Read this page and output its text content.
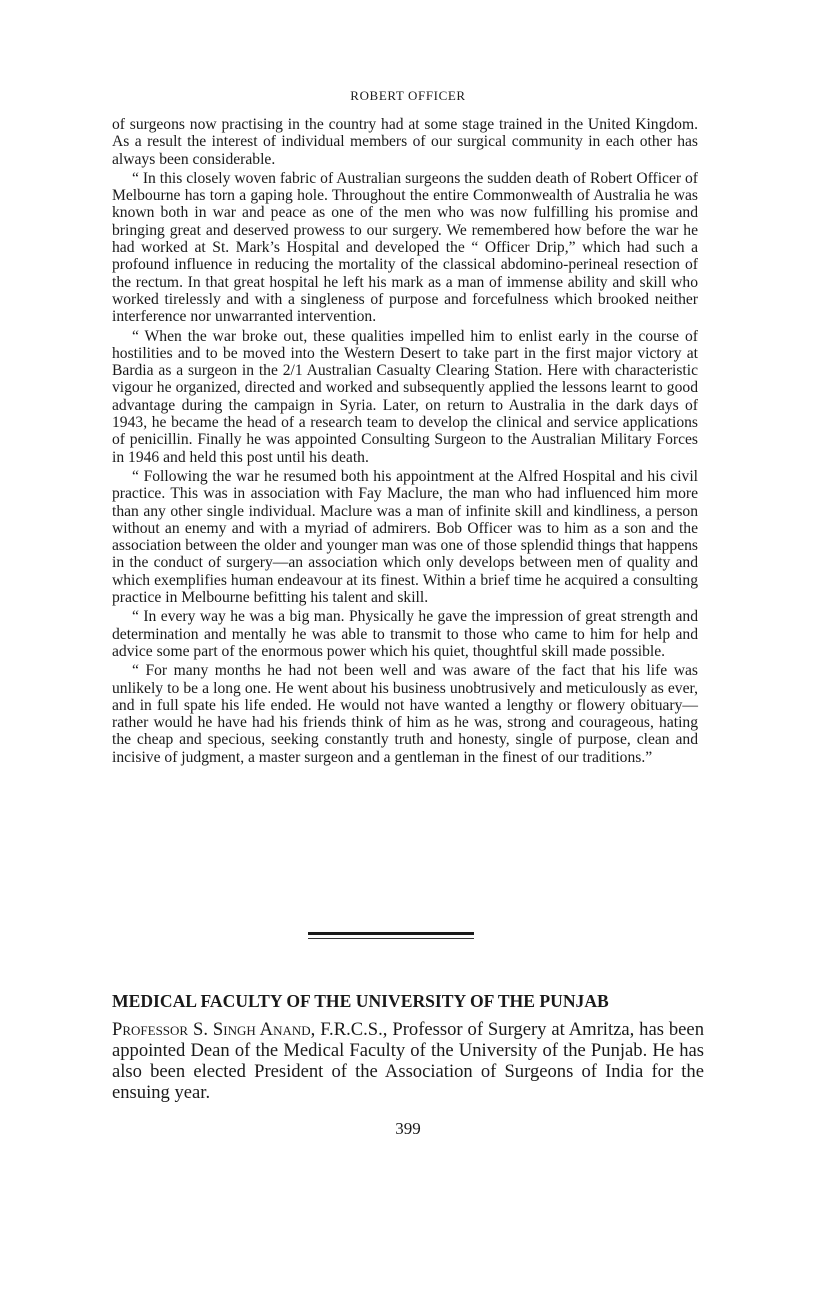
ROBERT OFFICER

of surgeons now practising in the country had at some stage trained in the United Kingdom. As a result the interest of individual members of our surgical community in each other has always been considerable.

“ In this closely woven fabric of Australian surgeons the sudden death of Robert Officer of Melbourne has torn a gaping hole. Throughout the entire Commonwealth of Australia he was known both in war and peace as one of the men who was now fulfilling his promise and bringing great and deserved prowess to our surgery. We remembered how before the war he had worked at St. Mark’s Hospital and developed the “ Officer Drip,” which had such a profound influence in reducing the mortality of the classical abdomino-perineal resection of the rectum. In that great hospital he left his mark as a man of immense ability and skill who worked tirelessly and with a singleness of purpose and forcefulness which brooked neither interference nor unwarranted intervention.

“ When the war broke out, these qualities impelled him to enlist early in the course of hostilities and to be moved into the Western Desert to take part in the first major victory at Bardia as a surgeon in the 2/1 Australian Casualty Clearing Station. Here with characteristic vigour he organized, directed and worked and subsequently applied the lessons learnt to good advantage during the campaign in Syria. Later, on return to Australia in the dark days of 1943, he became the head of a research team to develop the clinical and service applications of penicillin. Finally he was appointed Consulting Surgeon to the Australian Military Forces in 1946 and held this post until his death.

“ Following the war he resumed both his appointment at the Alfred Hospital and his civil practice. This was in association with Fay Maclure, the man who had influenced him more than any other single individual. Maclure was a man of infinite skill and kindliness, a person without an enemy and with a myriad of admirers. Bob Officer was to him as a son and the association between the older and younger man was one of those splendid things that happens in the conduct of surgery—an association which only develops between men of quality and which exemplifies human endeavour at its finest. Within a brief time he acquired a consulting practice in Melbourne befitting his talent and skill.

“ In every way he was a big man. Physically he gave the impression of great strength and determination and mentally he was able to transmit to those who came to him for help and advice some part of the enormous power which his quiet, thoughtful skill made possible.

“ For many months he had not been well and was aware of the fact that his life was unlikely to be a long one. He went about his business unobtrusively and meticulously as ever, and in full spate his life ended. He would not have wanted a lengthy or flowery obituary—rather would he have had his friends think of him as he was, strong and courageous, hating the cheap and specious, seeking constantly truth and honesty, single of purpose, clean and incisive of judgment, a master surgeon and a gentleman in the finest of our traditions.”

MEDICAL FACULTY OF THE UNIVERSITY OF THE PUNJAB

Professor S. Singh Anand, F.R.C.S., Professor of Surgery at Amritza, has been appointed Dean of the Medical Faculty of the University of the Punjab. He has also been elected President of the Association of Surgeons of India for the ensuing year.

399
